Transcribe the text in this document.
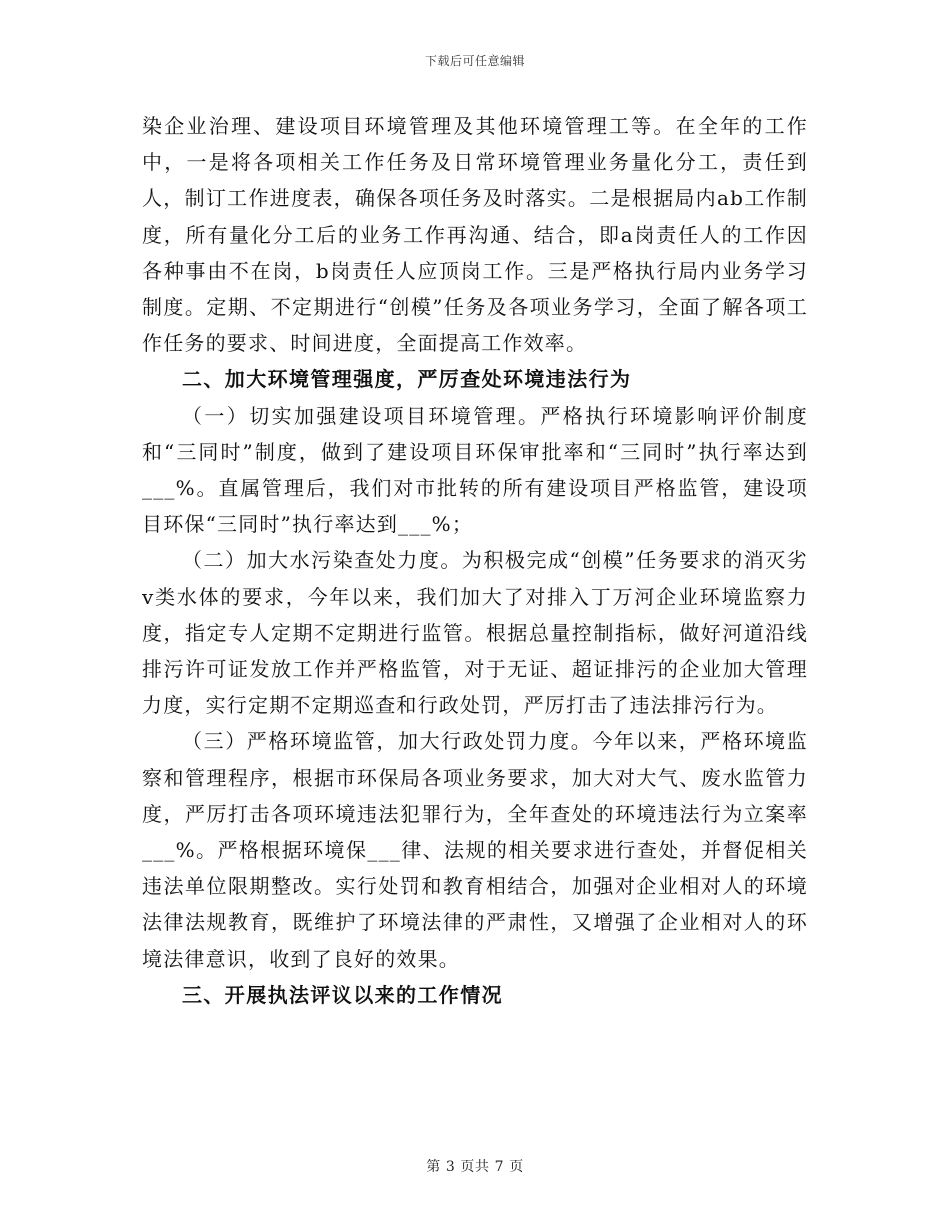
下载后可任意编辑

染企业治理、建设项目环境管理及其他环境管理工等。在全年的工作中，一是将各项相关工作任务及日常环境管理业务量化分工，责任到人，制订工作进度表，确保各项任务及时落实。二是根据局内ab工作制度，所有量化分工后的业务工作再沟通、结合，即a岗责任人的工作因各种事由不在岗，b岗责任人应顶岗工作。三是严格执行局内业务学习制度。定期、不定期进行“创模”任务及各项业务学习，全面了解各项工作任务的要求、时间进度，全面提高工作效率。

二、加大环境管理强度，严厉查处环境违法行为

（一）切实加强建设项目环境管理。严格执行环境影响评价制度和“三同时”制度，做到了建设项目环保审批率和“三同时”执行率达到___%。直属管理后，我们对市批转的所有建设项目严格监管，建设项目环保“三同时”执行率达到___%；

（二）加大水污染查处力度。为积极完成“创模”任务要求的消灭劣v类水体的要求，今年以来，我们加大了对排入丁万河企业环境监察力度，指定专人定期不定期进行监管。根据总量控制指标，做好河道沿线排污许可证发放工作并严格监管，对于无证、超证排污的企业加大管理力度，实行定期不定期巡查和行政处罚，严厉打击了违法排污行为。

（三）严格环境监管，加大行政处罚力度。今年以来，严格环境监察和管理程序，根据市环保局各项业务要求，加大对大气、废水监管力度，严厉打击各项环境违法犯罪行为，全年查处的环境违法行为立案率___%。严格根据环境保___律、法规的相关要求进行查处，并督促相关违法单位限期整改。实行处罚和教育相结合，加强对企业相对人的环境法律法规教育，既维护了环境法律的严肃性，又增强了企业相对人的环境法律意识，收到了良好的效果。

三、开展执法评议以来的工作情况

第 3 页共 7 页
